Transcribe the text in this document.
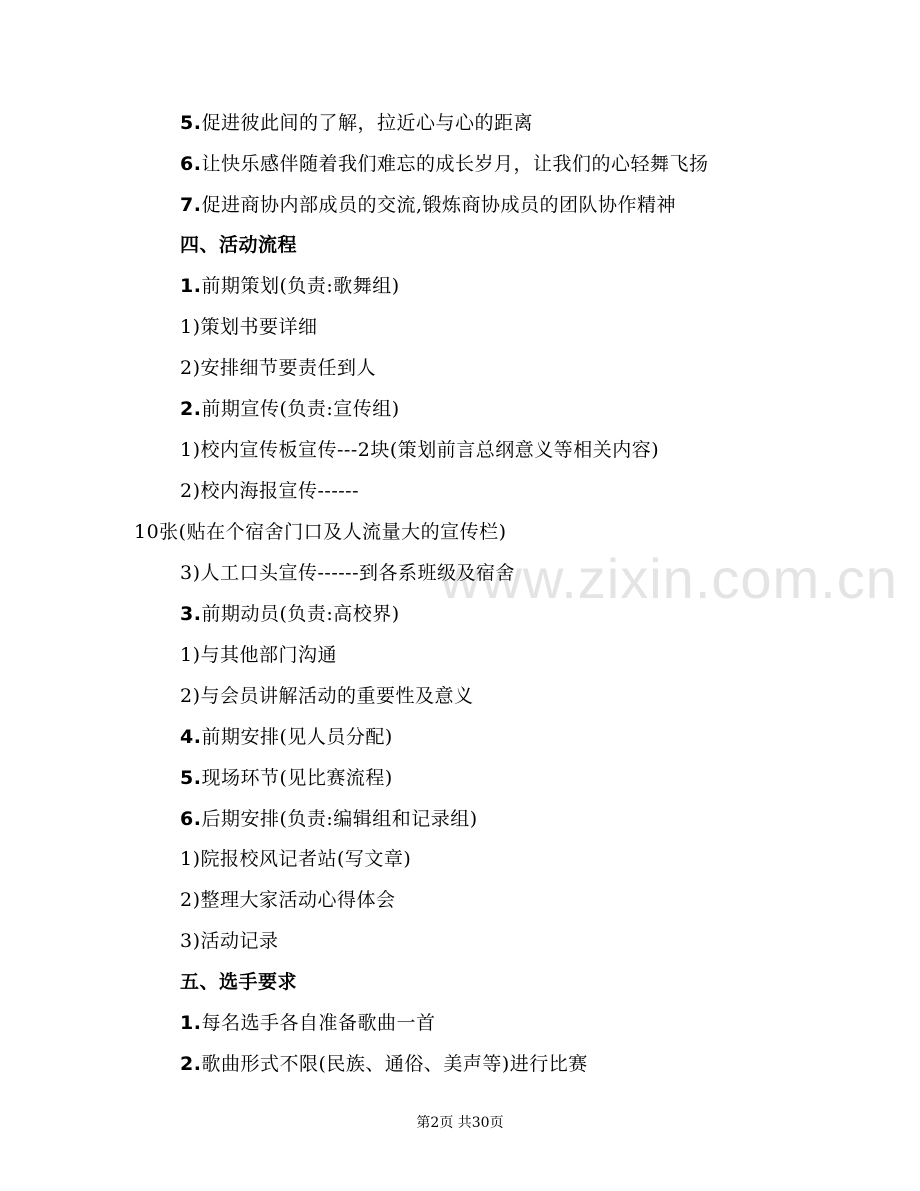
www.zixin.com.cn
5.促进彼此间的了解，拉近心与心的距离
6.让快乐感伴随着我们难忘的成长岁月，让我们的心轻舞飞扬
7.促进商协内部成员的交流,锻炼商协成员的团队协作精神
四、活动流程
1.前期策划(负责:歌舞组)
1)策划书要详细
2)安排细节要责任到人
2.前期宣传(负责:宣传组)
1)校内宣传板宣传---2块(策划前言总纲意义等相关内容)
2)校内海报宣传------
10张(贴在个宿舍门口及人流量大的宣传栏)
3)人工口头宣传------到各系班级及宿舍
3.前期动员(负责:高校界)
1)与其他部门沟通
2)与会员讲解活动的重要性及意义
4.前期安排(见人员分配)
5.现场环节(见比赛流程)
6.后期安排(负责:编辑组和记录组)
1)院报校风记者站(写文章)
2)整理大家活动心得体会
3)活动记录
五、选手要求
1.每名选手各自准备歌曲一首
2.歌曲形式不限(民族、通俗、美声等)进行比赛
第2页 共30页
